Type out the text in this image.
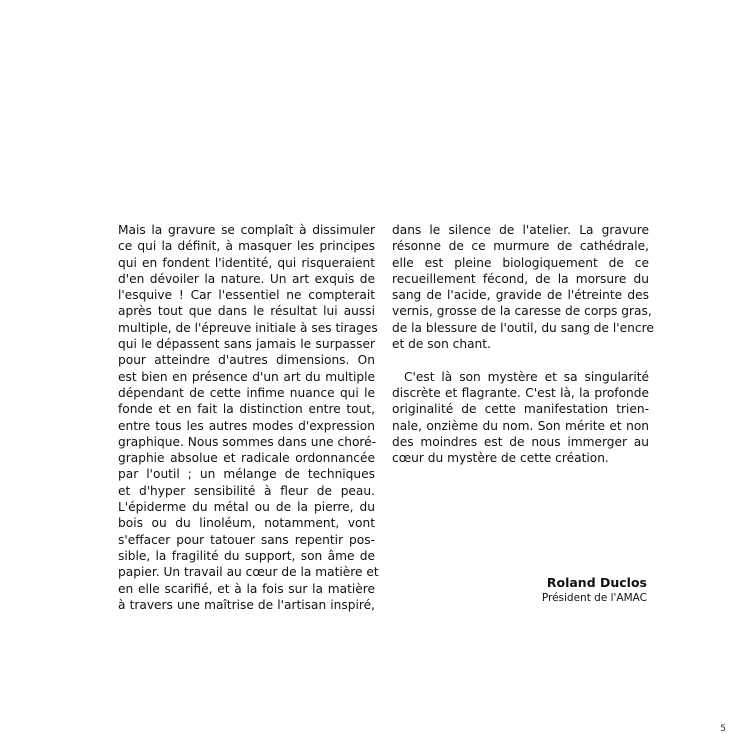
Mais la gravure se complaît à dissimuler
ce qui la définit, à masquer les principes
qui en fondent l'identité, qui risqueraient
d'en dévoiler la nature. Un art exquis de
l'esquive ! Car l'essentiel ne compterait
après tout que dans le résultat lui aussi
multiple, de l'épreuve initiale à ses tirages
qui le dépassent sans jamais le surpasser
pour atteindre d'autres dimensions. On
est bien en présence d'un art du multiple
dépendant de cette infime nuance qui le
fonde et en fait la distinction entre tout,
entre tous les autres modes d'expression
graphique. Nous sommes dans une choré-
graphie absolue et radicale ordonnancée
par l'outil ; un mélange de techniques
et d'hyper sensibilité à fleur de peau.
L'épiderme du métal ou de la pierre, du
bois ou du linoléum, notamment, vont
s'effacer pour tatouer sans repentir pos-
sible, la fragilité du support, son âme de
papier. Un travail au cœur de la matière et
en elle scarifié, et à la fois sur la matière
à travers une maîtrise de l'artisan inspiré,
dans le silence de l'atelier. La gravure
résonne de ce murmure de cathédrale,
elle est pleine biologiquement de ce
recueillement fécond, de la morsure du
sang de l'acide, gravide de l'étreinte des
vernis, grosse de la caresse de corps gras,
de la blessure de l'outil, du sang de l'encre
et de son chant.
C'est là son mystère et sa singularité
discrète et flagrante. C'est là, la profonde
originalité de cette manifestation trien-
nale, onzième du nom. Son mérite et non
des moindres est de nous immerger au
cœur du mystère de cette création.
Roland Duclos
Président de l'AMAC
5
